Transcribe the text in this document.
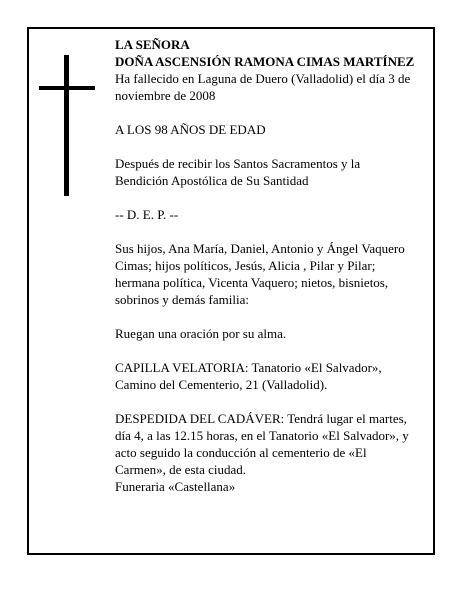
LA SEÑORA

DOÑA ASCENSIÓN RAMONA CIMAS MARTÍNEZ

Ha fallecido en Laguna de Duero (Valladolid) el día 3 de noviembre de 2008

A LOS 98 AÑOS DE EDAD

Después de recibir los Santos Sacramentos y la Bendición Apostólica de Su Santidad

-- D. E. P. --

Sus hijos, Ana María, Daniel, Antonio y Ángel Vaquero Cimas; hijos políticos, Jesús, Alicia , Pilar y Pilar; hermana política, Vicenta Vaquero; nietos, bisnietos, sobrinos y demás familia:

Ruegan una oración por su alma.

CAPILLA VELATORIA: Tanatorio «El Salvador», Camino del Cementerio, 21 (Valladolid).

DESPEDIDA DEL CADÁVER: Tendrá lugar el martes, día 4, a las 12.15 horas, en el Tanatorio «El Salvador», y acto seguido la conducción al cementerio de «El Carmen», de esta ciudad.

Funeraria «Castellana»
